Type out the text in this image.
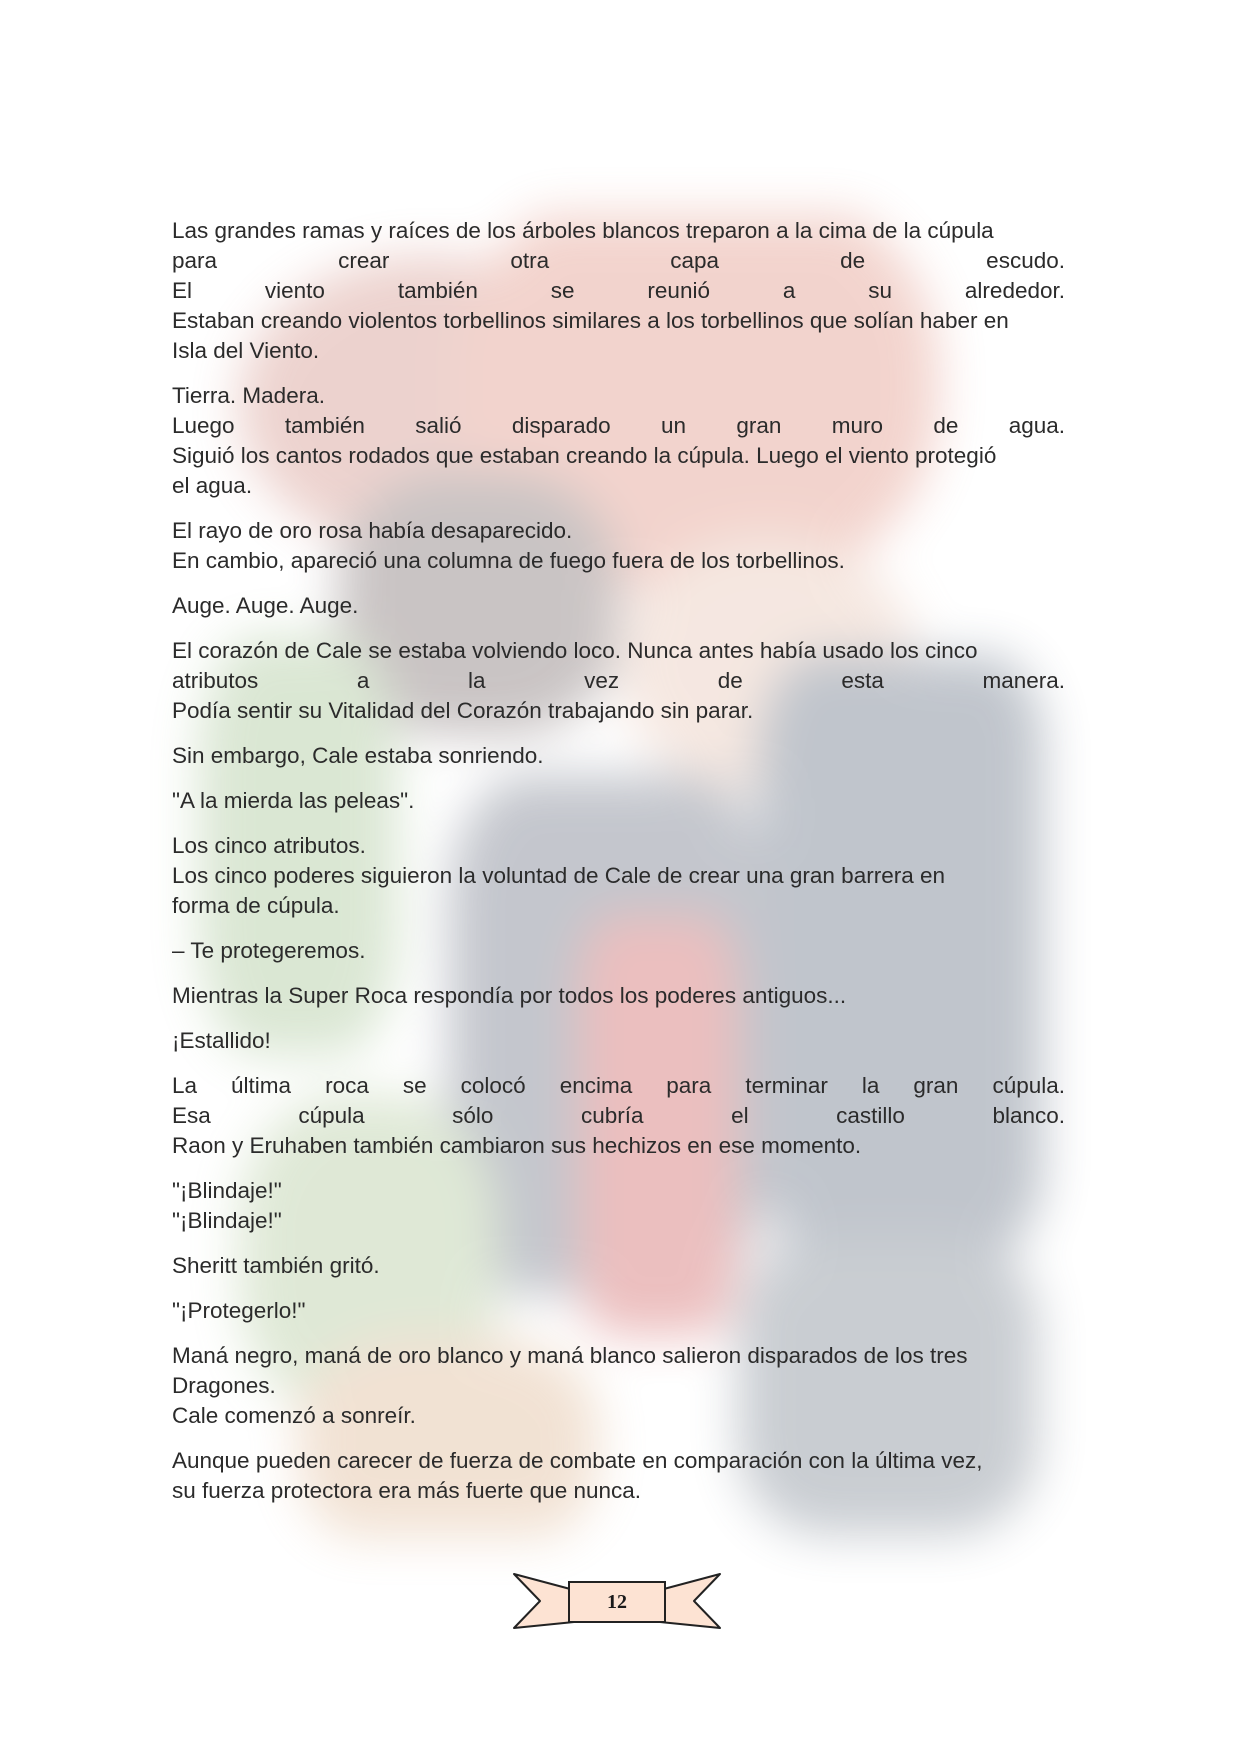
Las grandes ramas y raíces de los árboles blancos treparon a la cima de la cúpula
para crear otra capa de escudo.
El viento también se reunió a su alrededor.
Estaban creando violentos torbellinos similares a los torbellinos que solían haber en
Isla del Viento.

Tierra. Madera.
Luego también salió disparado un gran muro de agua.
Siguió los cantos rodados que estaban creando la cúpula. Luego el viento protegió
el agua.

El rayo de oro rosa había desaparecido.
En cambio, apareció una columna de fuego fuera de los torbellinos.

Auge. Auge. Auge.

El corazón de Cale se estaba volviendo loco. Nunca antes había usado los cinco
atributos a la vez de esta manera.
Podía sentir su Vitalidad del Corazón trabajando sin parar.

Sin embargo, Cale estaba sonriendo.

"A la mierda las peleas".

Los cinco atributos.
Los cinco poderes siguieron la voluntad de Cale de crear una gran barrera en
forma de cúpula.

– Te protegeremos.

Mientras la Super Roca respondía por todos los poderes antiguos...

¡Estallido!

La última roca se colocó encima para terminar la gran cúpula.
Esa cúpula sólo cubría el castillo blanco.
Raon y Eruhaben también cambiaron sus hechizos en ese momento.

"¡Blindaje!"
"¡Blindaje!"

Sheritt también gritó.

"¡Protegerlo!"

Maná negro, maná de oro blanco y maná blanco salieron disparados de los tres
Dragones.
Cale comenzó a sonreír.

Aunque pueden carecer de fuerza de combate en comparación con la última vez,
su fuerza protectora era más fuerte que nunca.

12
